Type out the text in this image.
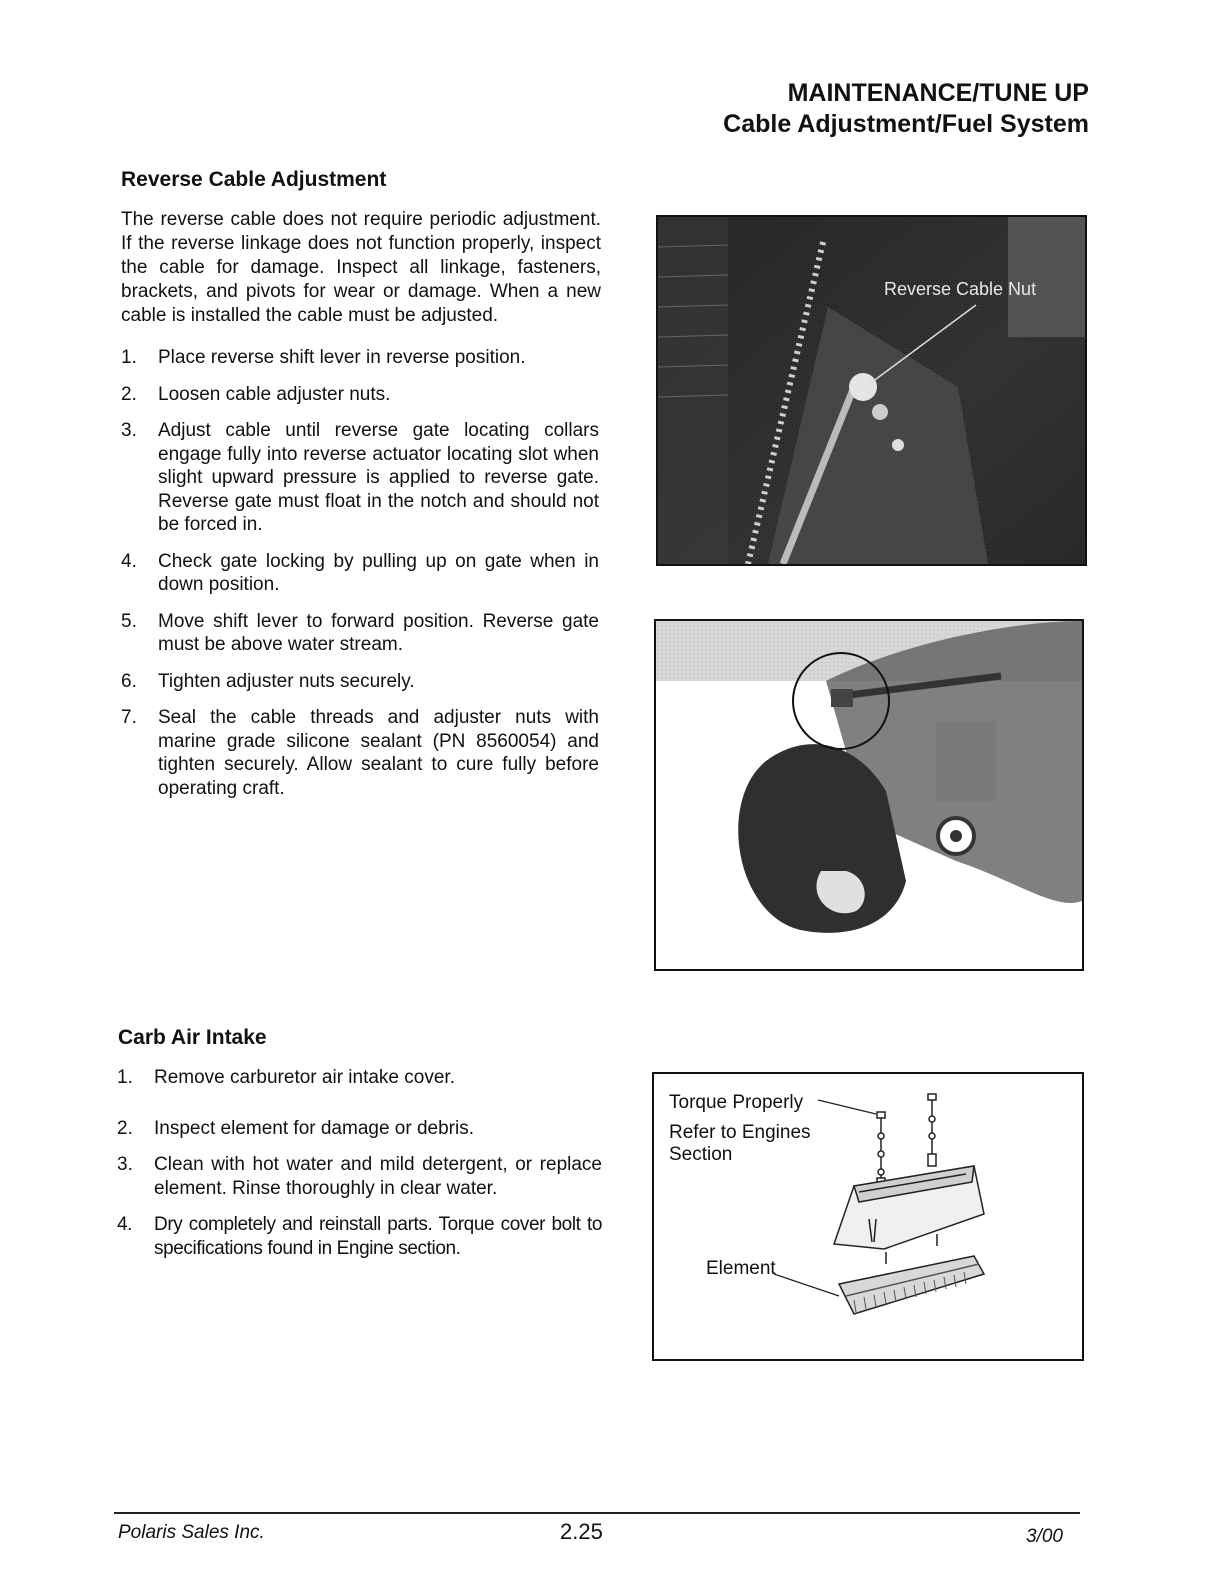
MAINTENANCE/TUNE UP
Cable Adjustment/Fuel System
Reverse Cable Adjustment
The reverse cable does not require periodic adjustment. If the reverse linkage does not function properly, inspect the cable for damage. Inspect all linkage, fasteners, brackets, and pivots for wear or damage. When a new cable is installed the cable must be adjusted.
1. Place reverse shift lever in reverse position.
2. Loosen cable adjuster nuts.
3. Adjust cable until reverse gate locating collars engage fully into reverse actuator locating slot when slight upward pressure is applied to reverse gate. Reverse gate must float in the notch and should not be forced in.
4. Check gate locking by pulling up on gate when in down position.
5. Move shift lever to forward position. Reverse gate must be above water stream.
6. Tighten adjuster nuts securely.
7. Seal the cable threads and adjuster nuts with marine grade silicone sealant (PN 8560054) and tighten securely. Allow sealant to cure fully before operating craft.
Reverse Cable Nut
Carb Air Intake
1. Remove carburetor air intake cover.
2. Inspect element for damage or debris.
3. Clean with hot water and mild detergent, or replace element. Rinse thoroughly in clear water.
4. Dry completely and reinstall parts. Torque cover bolt to specifications found in Engine section.
Torque Properly
Refer to Engines
Section
Element
Polaris Sales Inc.	2.25	3/00
